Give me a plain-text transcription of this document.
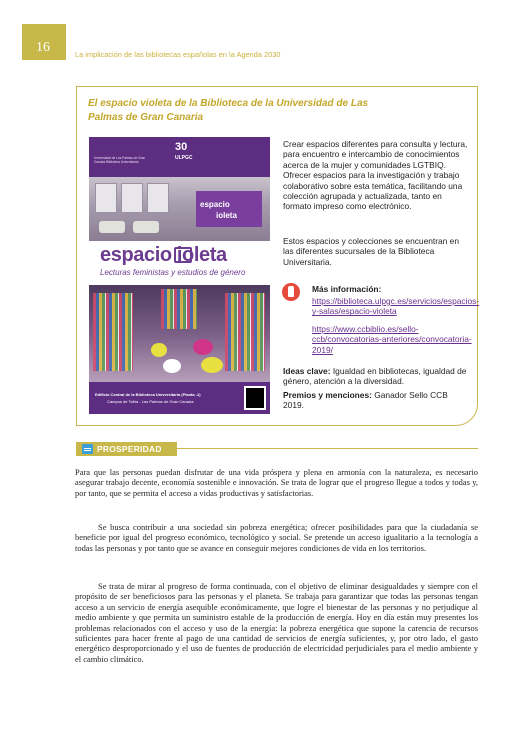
16	La implicación de las bibliotecas españolas en la Agenda 2030
El espacio violeta de la Biblioteca de la Universidad de Las Palmas de Gran Canaria
Universidad de Las Palmas de Gran Canaria Biblioteca Universitaria
30
ULPGC
espacio
ioleta
espacio ioleta
Lecturas feministas y estudios de género
Edificio Central de la Biblioteca Universitaria (Planta -1)
Campus de Tafira - Las Palmas de Gran Canaria
Crear espacios diferentes para consulta y lectura, para encuentro e intercambio de conocimientos acerca de la mujer y comunidades LGTBIQ. Ofrecer espacios para la investigación y trabajo colaborativo sobre esta temática, facilitando una colección agrupada y actualizada, tanto en formato impreso como electrónico.
Estos espacios y colecciones se encuentran en las diferentes sucursales de la Biblioteca Universitaria.
Más información:
https://biblioteca.ulpgc.es/servicios/espacios-y-salas/espacio-violeta
https://www.ccbiblio.es/sello-ccb/convocatorias-anteriores/convocatoria-2019/
Ideas clave: Igualdad en bibliotecas, igualdad de género, atención a la diversidad.
Premios y menciones: Ganador Sello CCB 2019.
PROSPERIDAD

Para que las personas puedan disfrutar de una vida próspera y plena en armonía con la naturaleza, es necesario asegurar trabajo decente, economía sostenible e innovación. Se trata de lograr que el progreso llegue a todos y todas y, por tanto, que se permita el acceso a vidas productivas y satisfactorias.

Se busca contribuir a una sociedad sin pobreza energética; ofrecer posibilidades para que la ciudadanía se beneficie por igual del progreso económico, tecnológico y social. Se pretende un acceso igualitario a la tecnología a todas las personas y por tanto que se avance en conseguir mejores condiciones de vida en los territorios.

Se trata de mirar al progreso de forma continuada, con el objetivo de eliminar desigualdades y siempre con el propósito de ser beneficiosos para las personas y el planeta. Se trabaja para garantizar que todas las personas tengan acceso a un servicio de energía asequible económicamente, que logre el bienestar de las personas y no perjudique al medio ambiente y que permita un suministro estable de la producción de energía. Hoy en día están muy presentes los problemas relacionados con el acceso y uso de la energía: la pobreza energética que supone la carencia de recursos suficientes para hacer frente al pago de una cantidad de servicios de energía suficientes, y, por otro lado, el gasto energético desproporcionado y el uso de fuentes de producción de electricidad perjudiciales para el medio ambiente y el cambio climático.
